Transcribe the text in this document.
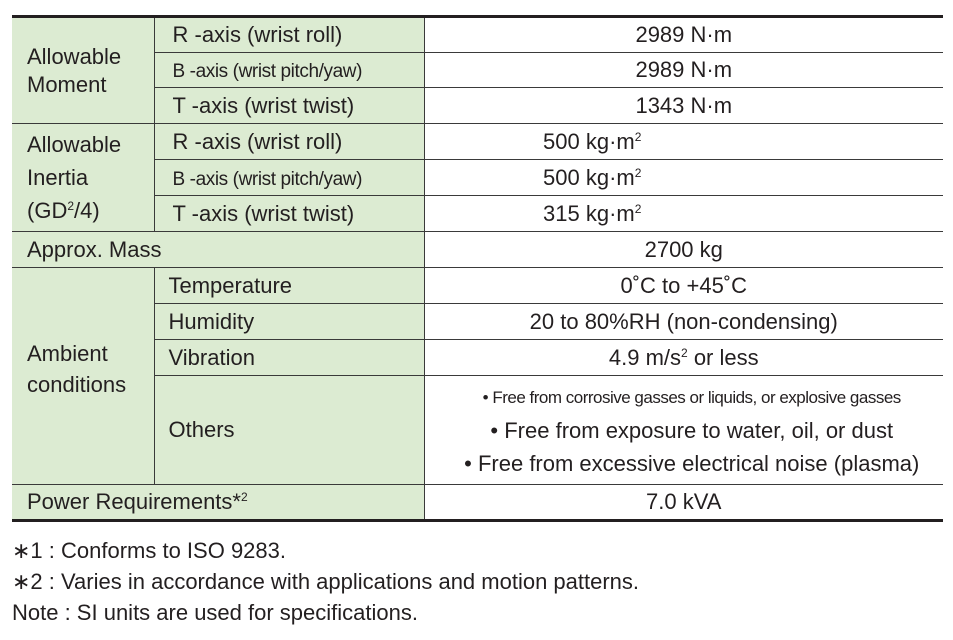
Allowable Moment	R -axis (wrist roll)	2989 N·m
	B -axis (wrist pitch/yaw)	2989 N·m
	T -axis (wrist twist)	1343 N·m

Allowable
Inertia
$(GD^2/4)$	R -axis (wrist roll)	500 $kg\cdot m^2$
	B -axis (wrist pitch/yaw)	500 $kg\cdot m^2$
	T -axis (wrist twist)	315 $kg\cdot m^2$
Approx. Mass		2700 kg

Ambient
conditions	Temperature	0˚C to +45˚C
	Humidity	20 to 80%RH (non-condensing)
	Vibration	4.9 $m/s^2$ or less
	Others	• Free from corrosive gasses or liquids, or explosive gasses
• Free from exposure to water, oil, or dust
• Free from excessive electrical noise (plasma)

Power Requirements*$^2$		7.0 kVA
∗1 : Conforms to ISO 9283.
∗2 : Varies in accordance with applications and motion patterns.
Note : SI units are used for specifications.
